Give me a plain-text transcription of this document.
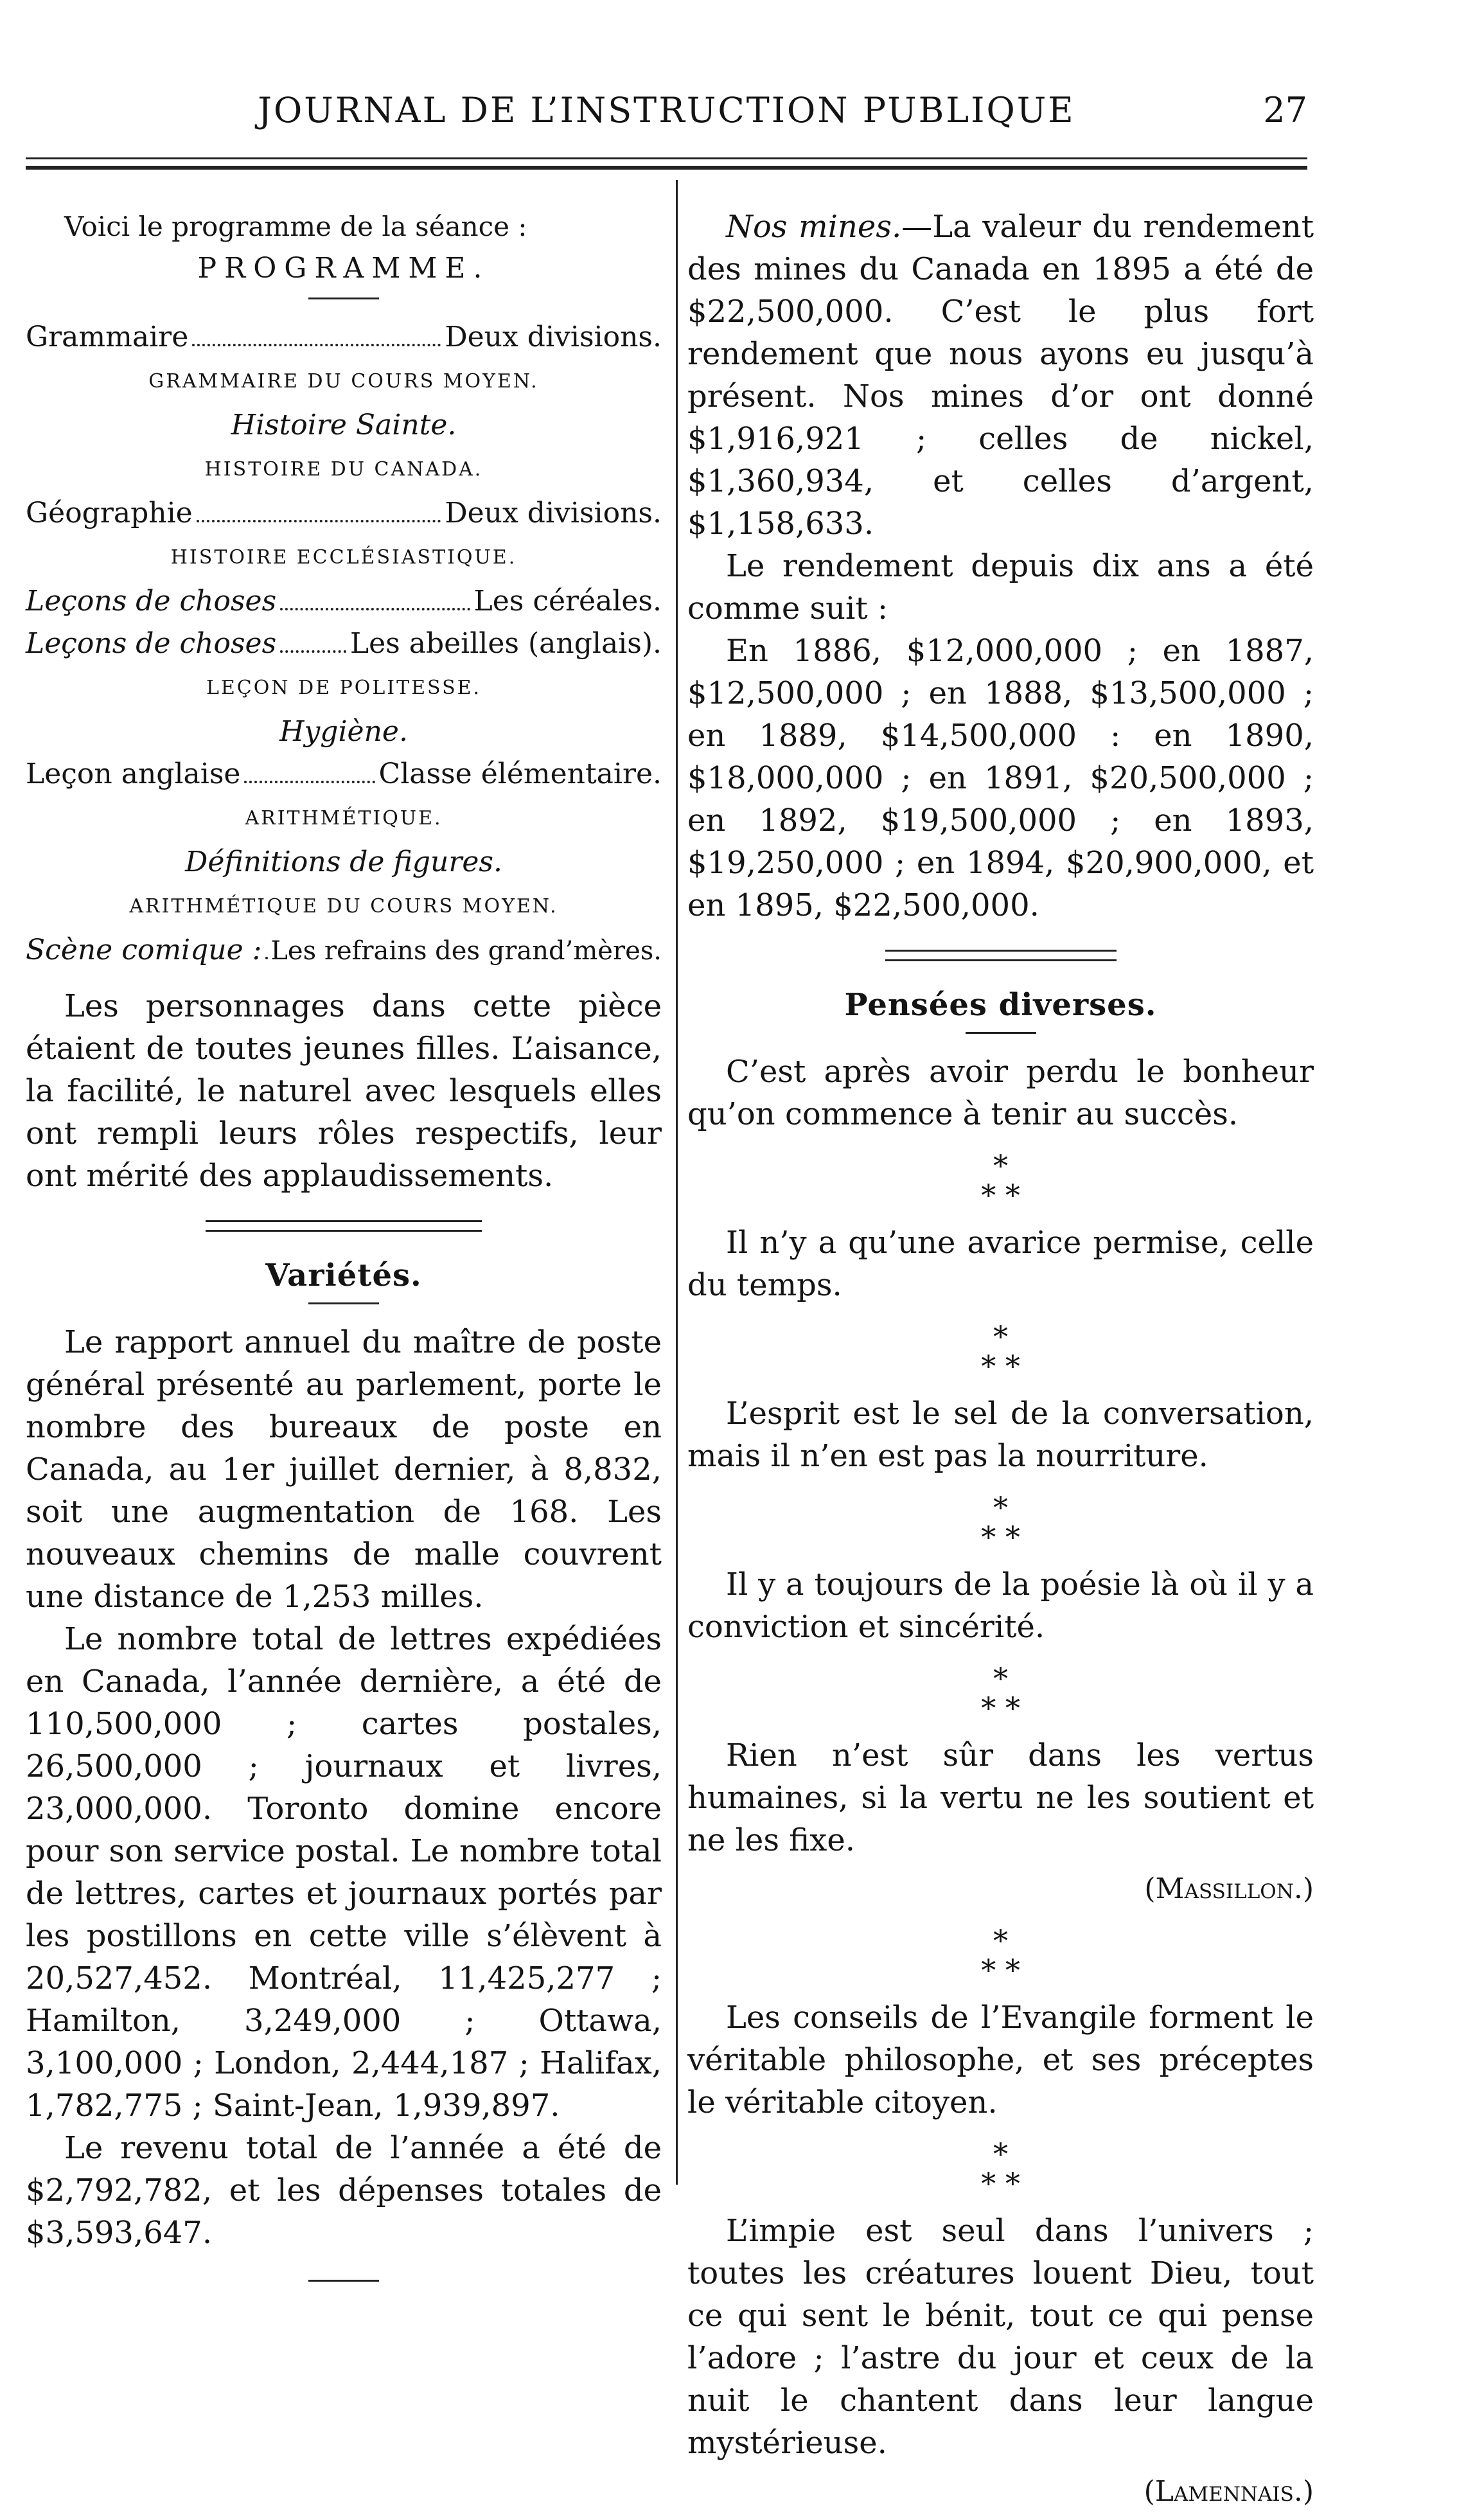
JOURNAL DE L’INSTRUCTION PUBLIQUE	27

Voici le programme de la séance :

PROGRAMME.
Grammaire	Deux divisions.
GRAMMAIRE DU COURS MOYEN.

Histoire Sainte.

HISTOIRE DU CANADA.
Géographie	Deux divisions.
HISTOIRE ECCLÉSIASTIQUE.
Leçons de choses	Les céréales.
Leçons de choses	Les abeilles (anglais).
LEÇON DE POLITESSE.

Hygiène.

Leçon anglaise	Classe élémentaire.
ARITHMÉTIQUE.

Définitions de figures.

ARITHMÉTIQUE DU COURS MOYEN.
Scène comique : Les refrains des grand’mères.

Les personnages dans cette pièce étaient de toutes jeunes filles. L’aisance, la facilité, le naturel avec lesquels elles ont rempli leurs rôles respectifs, leur ont mérité des applaudissements.

Variétés.

Le rapport annuel du maître de poste général présenté au parlement, porte le nombre des bureaux de poste en Canada, au 1er juillet dernier, à 8,832, soit une augmentation de 168. Les nouveaux chemins de malle couvrent une distance de 1,253 milles.

Le nombre total de lettres expédiées en Canada, l’année dernière, a été de 110,500,000 ; cartes postales, 26,500,000 ; journaux et livres, 23,000,000. Toronto domine encore pour son service postal. Le nombre total de lettres, cartes et journaux portés par les postillons en cette ville s’élèvent à 20,527,452. Montréal, 11,425,277 ; Hamilton, 3,249,000 ; Ottawa, 3,100,000 ; London, 2,444,187 ; Halifax, 1,782,775 ; Saint-Jean, 1,939,897.

Le revenu total de l’année a été de $2,792,782, et les dépenses totales de $3,593,647.

Nos mines.—La valeur du rendement des mines du Canada en 1895 a été de $22,500,000. C’est le plus fort rendement que nous ayons eu jusqu’à présent. Nos mines d’or ont donné $1,916,921 ; celles de nickel, $1,360,934, et celles d’argent, $1,158,633.

Le rendement depuis dix ans a été comme suit :

En 1886, $12,000,000 ; en 1887, $12,500,000 ; en 1888, $13,500,000 ; en 1889, $14,500,000 : en 1890, $18,000,000 ; en 1891, $20,500,000 ; en 1892, $19,500,000 ; en 1893, $19,250,000 ; en 1894, $20,900,000, et en 1895, $22,500,000.

Pensées diverses.

C’est après avoir perdu le bonheur qu’on commence à tenir au succès.

*
* *

Il n’y a qu’une avarice permise, celle du temps.

*
* *

L’esprit est le sel de la conversation, mais il n’en est pas la nourriture.

*
* *

Il y a toujours de la poésie là où il y a conviction et sincérité.

*
* *

Rien n’est sûr dans les vertus humaines, si la vertu ne les soutient et ne les fixe.

(Massillon.)
*
* *

Les conseils de l’Evangile forment le véritable philosophe, et ses préceptes le véritable citoyen.

*
* *

L’impie est seul dans l’univers ; toutes les créatures louent Dieu, tout ce qui sent le bénit, tout ce qui pense l’adore ; l’astre du jour et ceux de la nuit le chantent dans leur langue mystérieuse.

(Lamennais.)
